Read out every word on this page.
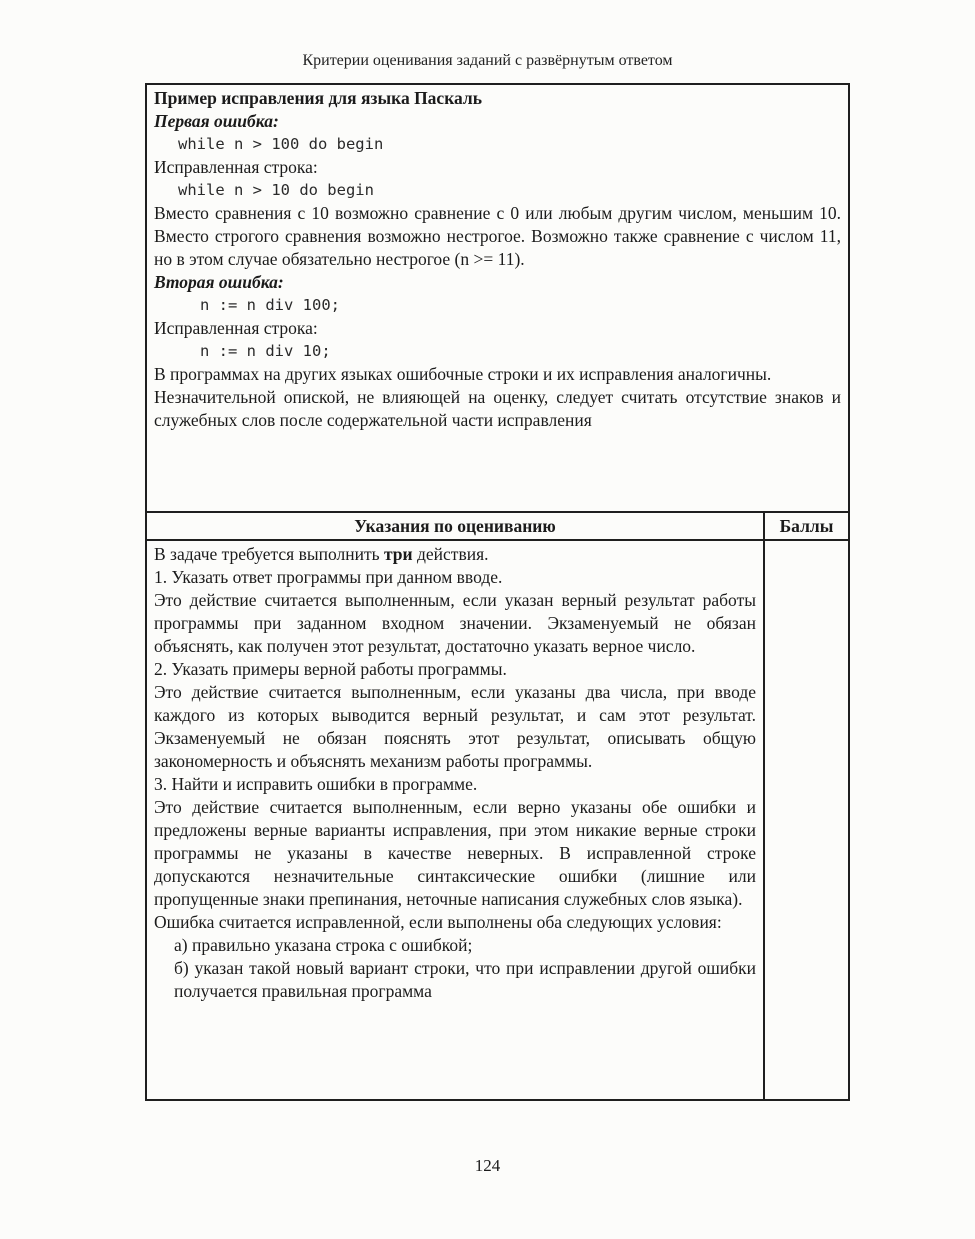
Критерии оценивания заданий с развёрнутым ответом

Пример исправления для языка Паскаль

Первая ошибка:

while n > 100 do begin

Исправленная строка:

while n > 10 do begin

Вместо сравнения с 10 возможно сравнение с 0 или любым другим числом, меньшим 10. Вместо строгого сравнения возможно нестрогое. Возможно также сравнение с числом 11, но в этом случае обязательно нестрогое (n >= 11).

Вторая ошибка:

n := n div 100;

Исправленная строка:

n := n div 10;

В программах на других языках ошибочные строки и их исправления аналогичны.

Незначительной опиской, не влияющей на оценку, следует считать отсутствие знаков и служебных слов после содержательной части исправления

Указания по оцениванию	Баллы

В задаче требуется выполнить три действия.

1. Указать ответ программы при данном вводе.

Это действие считается выполненным, если указан верный результат работы программы при заданном входном значении. Экзаменуемый не обязан объяснять, как получен этот результат, достаточно указать верное число.

2. Указать примеры верной работы программы.

Это действие считается выполненным, если указаны два числа, при вводе каждого из которых выводится верный результат, и сам этот результат. Экзаменуемый не обязан пояснять этот результат, описывать общую закономерность и объяснять механизм работы программы.

3. Найти и исправить ошибки в программе.

Это действие считается выполненным, если верно указаны обе ошибки и предложены верные варианты исправления, при этом никакие верные строки программы не указаны в качестве неверных. В исправленной строке допускаются незначительные синтаксические ошибки (лишние или пропущенные знаки препинания, неточные написания служебных слов языка).

Ошибка считается исправленной, если выполнены оба следующих условия:

а) правильно указана строка с ошибкой;

б) указан такой новый вариант строки, что при исправлении другой ошибки получается правильная программа

124
